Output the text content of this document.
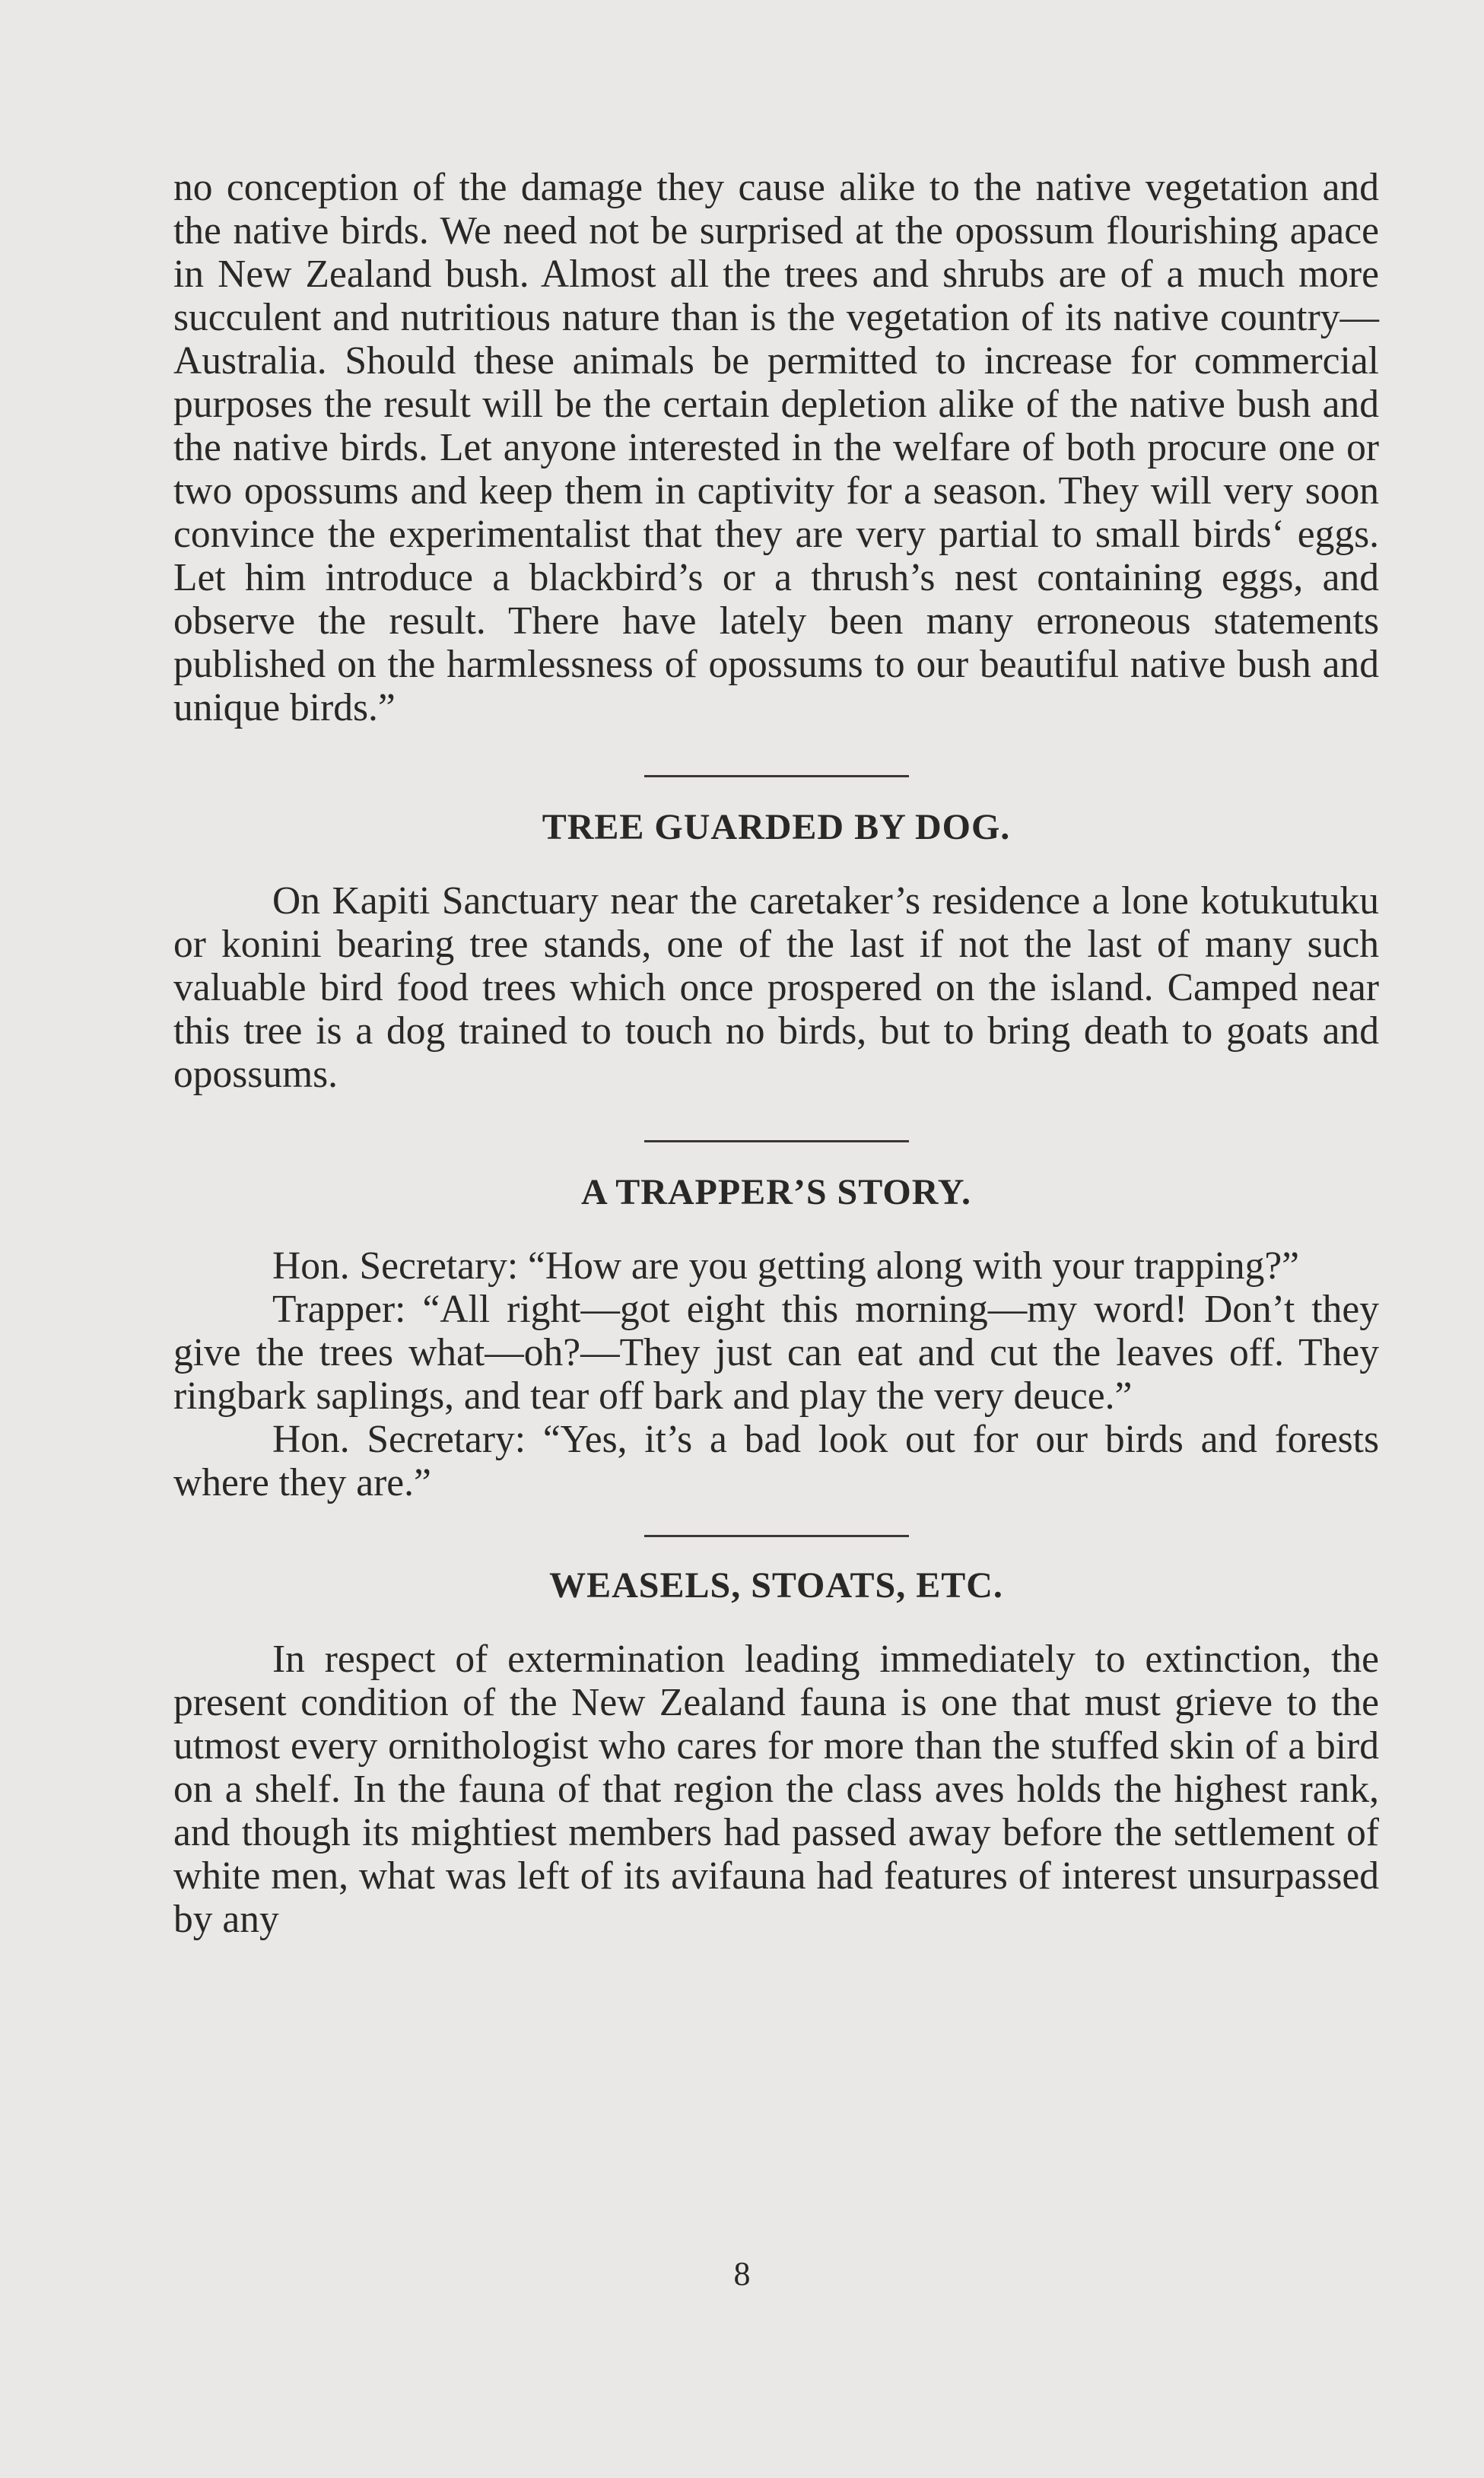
no conception of the damage they cause alike to the native vegetation and the native birds. We need not be surprised at the opossum flourishing apace in New Zealand bush. Almost all the trees and shrubs are of a much more succulent and nutritious nature than is the vegetation of its native country—Australia. Should these animals be permitted to increase for commercial purposes the result will be the certain depletion alike of the native bush and the native birds. Let anyone interested in the welfare of both procure one or two opossums and keep them in captivity for a season. They will very soon convince the experimentalist that they are very partial to small birds‘ eggs. Let him introduce a blackbird’s or a thrush’s nest containing eggs, and observe the result. There have lately been many erroneous statements published on the harmlessness of opossums to our beautiful native bush and unique birds.”

TREE GUARDED BY DOG.

On Kapiti Sanctuary near the caretaker’s residence a lone kotukutuku or konini bearing tree stands, one of the last if not the last of many such valuable bird food trees which once prospered on the island. Camped near this tree is a dog trained to touch no birds, but to bring death to goats and opossums.

A TRAPPER’S STORY.

Hon. Secretary: “How are you getting along with your trapping?”

Trapper: “All right—got eight this morning—my word! Don’t they give the trees what—oh?—They just can eat and cut the leaves off. They ringbark saplings, and tear off bark and play the very deuce.”

Hon. Secretary: “Yes, it’s a bad look out for our birds and forests where they are.”

WEASELS, STOATS, ETC.

In respect of extermination leading immediately to extinction, the present condition of the New Zealand fauna is one that must grieve to the utmost every ornithologist who cares for more than the stuffed skin of a bird on a shelf. In the fauna of that region the class aves holds the highest rank, and though its mightiest members had passed away before the settlement of white men, what was left of its avifauna had features of interest unsurpassed by any

8
